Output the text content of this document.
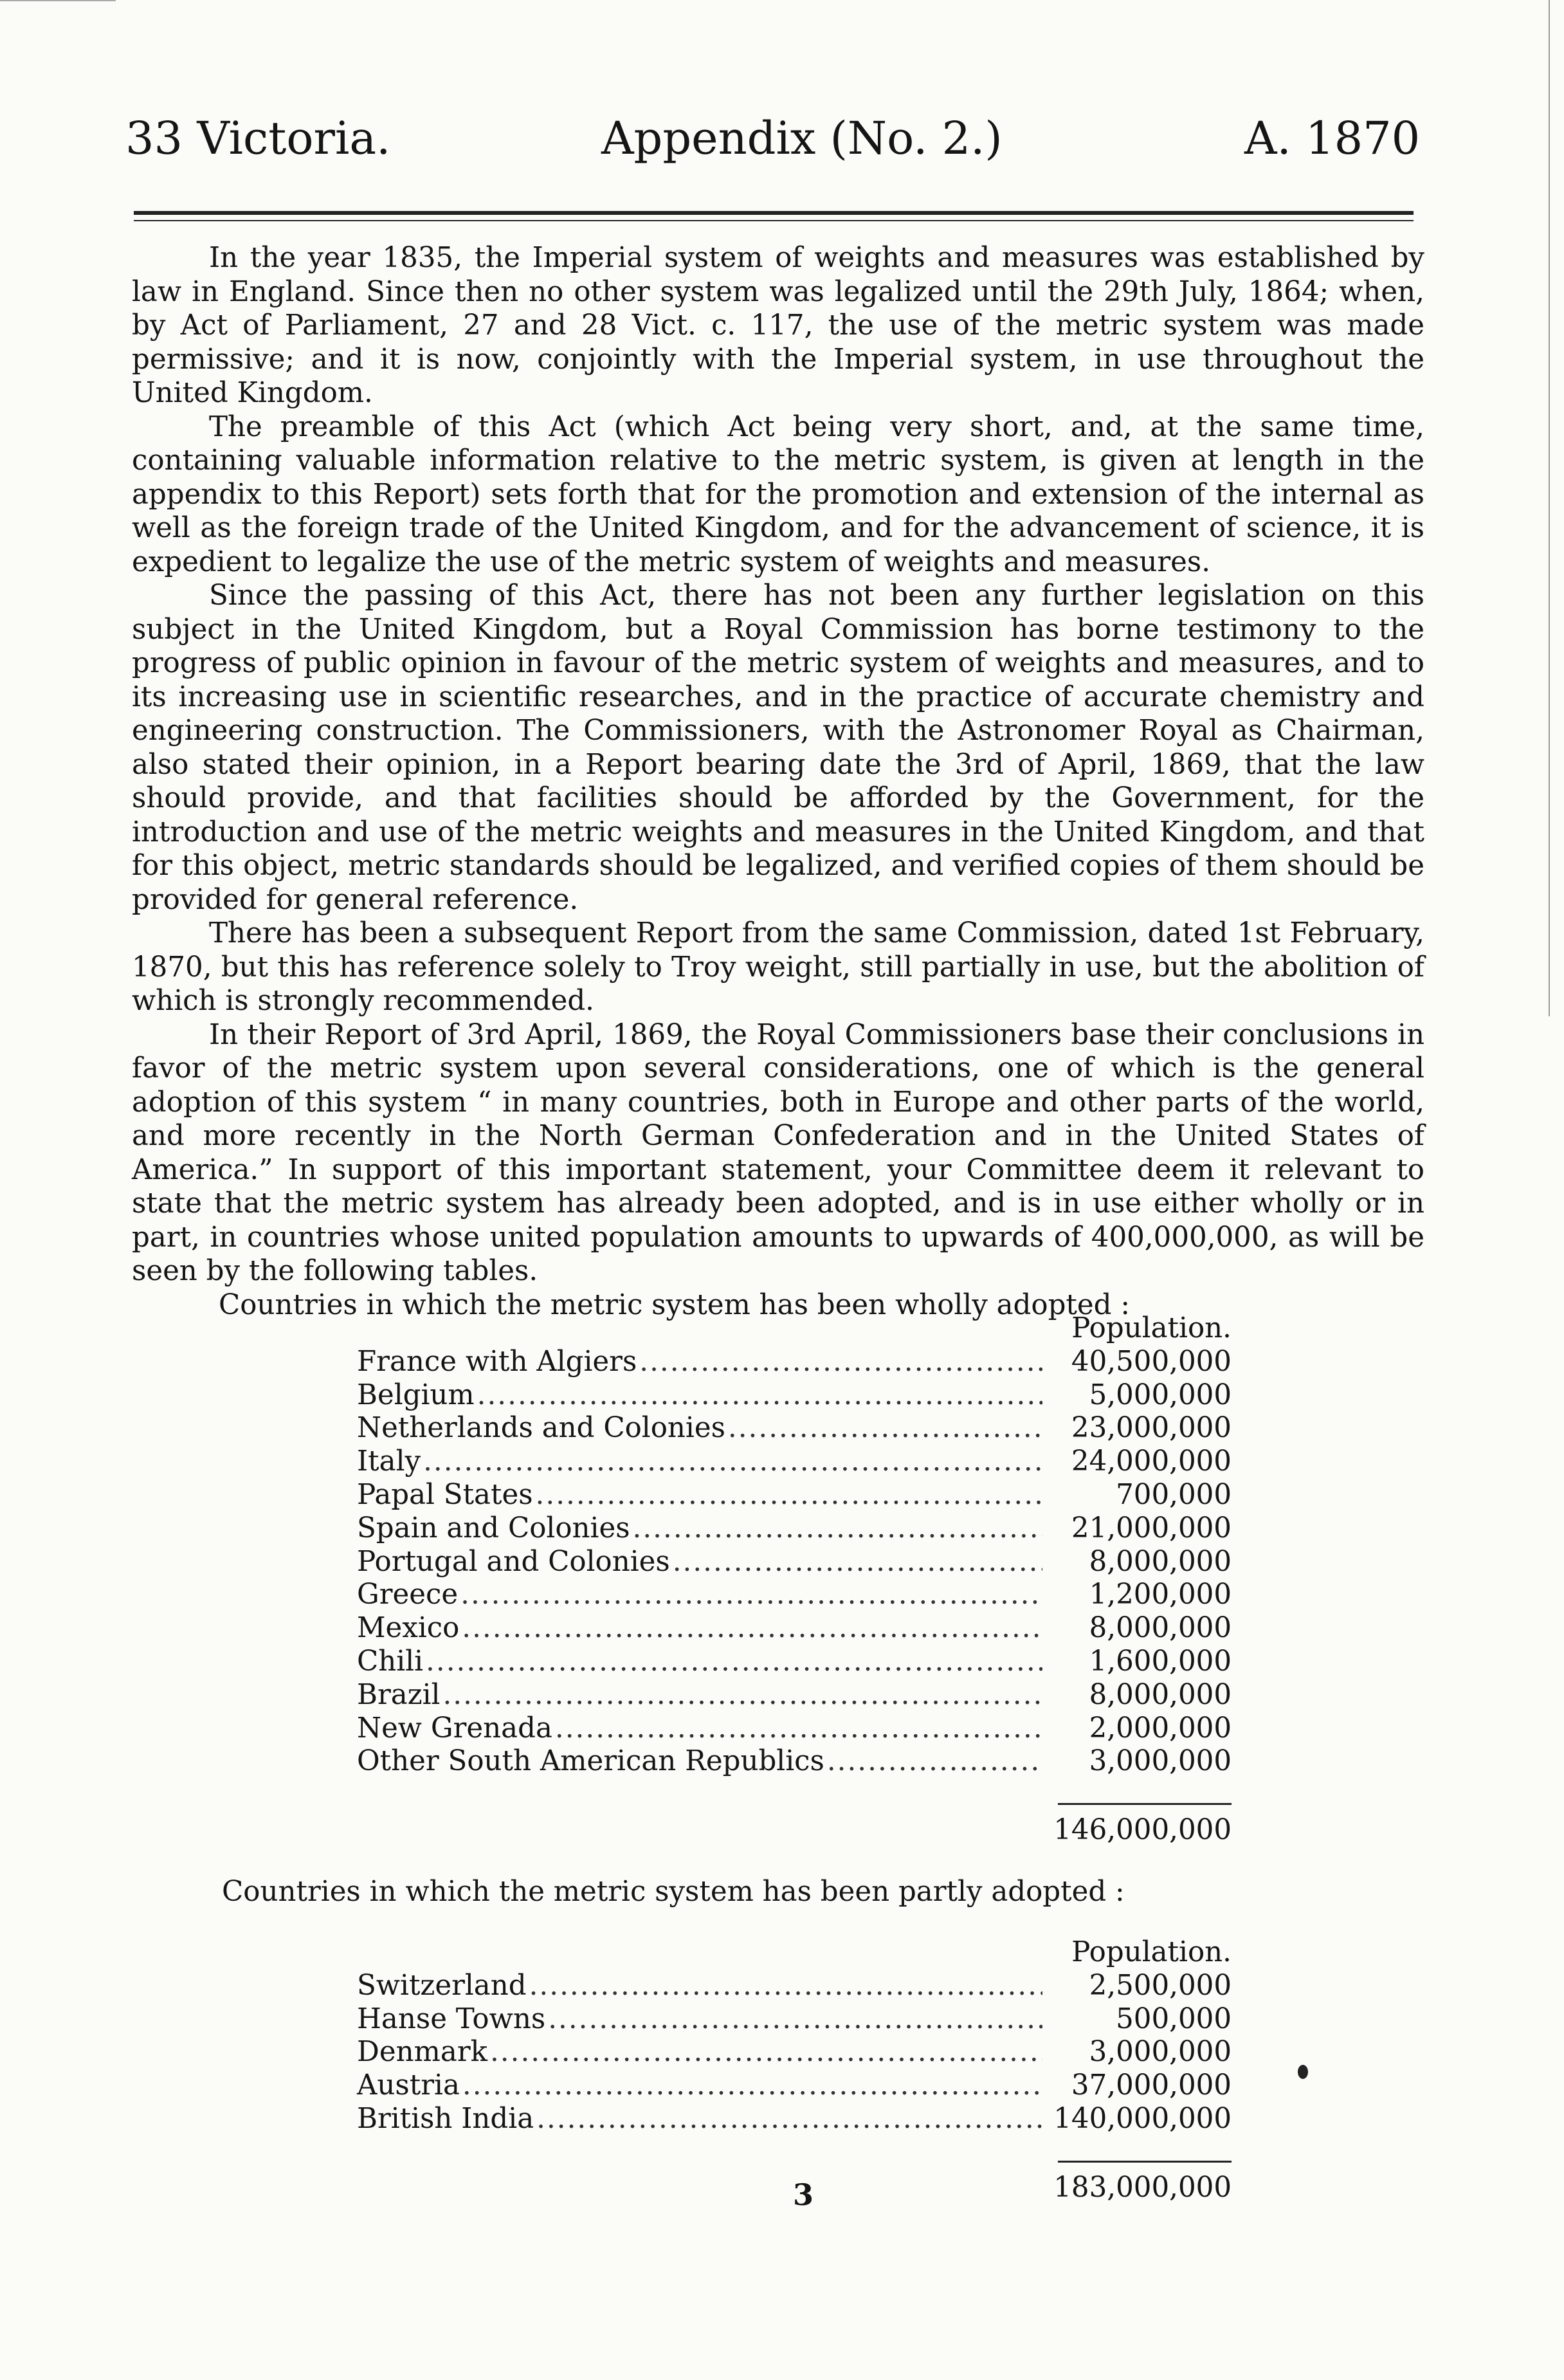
33 Victoria.	Appendix (No. 2.)	A. 1870

In the year 1835, the Imperial system of weights and measures was established by law in England. Since then no other system was legalized until the 29th July, 1864; when, by Act of Parliament, 27 and 28 Vict. c. 117, the use of the metric system was made permissive; and it is now, conjointly with the Imperial system, in use throughout the United Kingdom.

The preamble of this Act (which Act being very short, and, at the same time, containing valuable information relative to the metric system, is given at length in the appendix to this Report) sets forth that for the promotion and extension of the internal as well as the foreign trade of the United Kingdom, and for the advancement of science, it is expedient to legalize the use of the metric system of weights and measures.

Since the passing of this Act, there has not been any further legislation on this subject in the United Kingdom, but a Royal Commission has borne testimony to the progress of public opinion in favour of the metric system of weights and measures, and to its increasing use in scientific researches, and in the practice of accurate chemistry and engineering construction. The Commissioners, with the Astronomer Royal as Chairman, also stated their opinion, in a Report bearing date the 3rd of April, 1869, that the law should provide, and that facilities should be afforded by the Government, for the introduction and use of the metric weights and measures in the United Kingdom, and that for this object, metric standards should be legalized, and verified copies of them should be provided for general reference.

There has been a subsequent Report from the same Commission, dated 1st February, 1870, but this has reference solely to Troy weight, still partially in use, but the abolition of which is strongly recommended.

In their Report of 3rd April, 1869, the Royal Commissioners base their conclusions in favor of the metric system upon several considerations, one of which is the general adoption of this system “ in many countries, both in Europe and other parts of the world, and more recently in the North German Confederation and in the United States of America.” In support of this important statement, your Committee deem it relevant to state that the metric system has already been adopted, and is in use either wholly or in part, in countries whose united population amounts to upwards of 400,000,000, as will be seen by the following tables.

Countries in which the metric system has been wholly adopted :

Population.
France with Algiers .....	40,500,000
Belgium .....	5,000,000
Netherlands and Colonies .....	23,000,000
Italy .....	24,000,000
Papal States .....	700,000
Spain and Colonies .....	21,000,000
Portugal and Colonies .....	8,000,000
Greece .....	1,200,000
Mexico .....	8,000,000
Chili .....	1,600,000
Brazil .....	8,000,000
New Grenada .....	2,000,000
Other South American Republics .....	3,000,000
146,000,000
Countries in which the metric system has been partly adopted :
Population.
Switzerland .....	2,500,000
Hanse Towns .....	500,000
Denmark .....	3,000,000
Austria .....	37,000,000
British India .....	140,000,000
183,000,000
3
